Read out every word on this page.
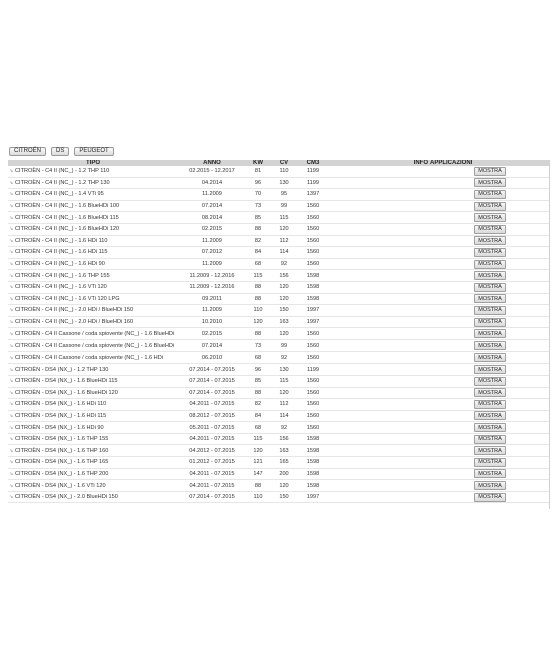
CITROËN	DS	PEUGEOT
TIPO	ANNO	KW	CV	CM3	INFO	APPLICAZIONI

↘ CITROËN - C4 II (NC_) - 1.2 THP 110	02.2015 - 12.2017	81	110	1199		MOSTRA

↘ CITROËN - C4 II (NC_) - 1.2 THP 130	04.2014	96	130	1199		MOSTRA

↘ CITROËN - C4 II (NC_) - 1.4 VTi 95	11.2009	70	95	1397		MOSTRA

↘ CITROËN - C4 II (NC_) - 1.6 BlueHDi 100	07.2014	73	99	1560		MOSTRA

↘ CITROËN - C4 II (NC_) - 1.6 BlueHDi 115	08.2014	85	115	1560		MOSTRA

↘ CITROËN - C4 II (NC_) - 1.6 BlueHDi 120	02.2015	88	120	1560		MOSTRA

↘ CITROËN - C4 II (NC_) - 1.6 HDi 110	11.2009	82	112	1560		MOSTRA

↘ CITROËN - C4 II (NC_) - 1.6 HDi 115	07.2012	84	114	1560		MOSTRA

↘ CITROËN - C4 II (NC_) - 1.6 HDi 90	11.2009	68	92	1560		MOSTRA

↘ CITROËN - C4 II (NC_) - 1.6 THP 155	11.2009 - 12.2016	115	156	1598		MOSTRA

↘ CITROËN - C4 II (NC_) - 1.6 VTi 120	11.2009 - 12.2016	88	120	1598		MOSTRA

↘ CITROËN - C4 II (NC_) - 1.6 VTi 120 LPG	09.2011	88	120	1598		MOSTRA

↘ CITROËN - C4 II (NC_) - 2.0 HDi / BlueHDi 150	11.2009	110	150	1997		MOSTRA

↘ CITROËN - C4 II (NC_) - 2.0 HDi / BlueHDi 160	10.2010	120	163	1997		MOSTRA

↘ CITROËN - C4 II Cassone / coda spiovente (NC_) - 1.6 BlueHDi	02.2015	88	120	1560		MOSTRA

↘ CITROËN - C4 II Cassone / coda spiovente (NC_) - 1.6 BlueHDi	07.2014	73	99	1560		MOSTRA

↘ CITROËN - C4 II Cassone / coda spiovente (NC_) - 1.6 HDi	06.2010	68	92	1560		MOSTRA

↘ CITROËN - DS4 (NX_) - 1.2 THP 130	07.2014 - 07.2015	96	130	1199		MOSTRA

↘ CITROËN - DS4 (NX_) - 1.6 BlueHDi 115	07.2014 - 07.2015	85	115	1560		MOSTRA

↘ CITROËN - DS4 (NX_) - 1.6 BlueHDi 120	07.2014 - 07.2015	88	120	1560		MOSTRA

↘ CITROËN - DS4 (NX_) - 1.6 HDi 110	04.2011 - 07.2015	82	112	1560		MOSTRA

↘ CITROËN - DS4 (NX_) - 1.6 HDi 115	08.2012 - 07.2015	84	114	1560		MOSTRA

↘ CITROËN - DS4 (NX_) - 1.6 HDi 90	05.2011 - 07.2015	68	92	1560		MOSTRA

↘ CITROËN - DS4 (NX_) - 1.6 THP 155	04.2011 - 07.2015	115	156	1598		MOSTRA

↘ CITROËN - DS4 (NX_) - 1.6 THP 160	04.2012 - 07.2015	120	163	1598		MOSTRA

↘ CITROËN - DS4 (NX_) - 1.6 THP 165	01.2012 - 07.2015	121	165	1598		MOSTRA

↘ CITROËN - DS4 (NX_) - 1.6 THP 200	04.2011 - 07.2015	147	200	1598		MOSTRA

↘ CITROËN - DS4 (NX_) - 1.6 VTi 120	04.2011 - 07.2015	88	120	1598		MOSTRA

↘ CITROËN - DS4 (NX_) - 2.0 BlueHDi 150	07.2014 - 07.2015	110	150	1997		MOSTRA
